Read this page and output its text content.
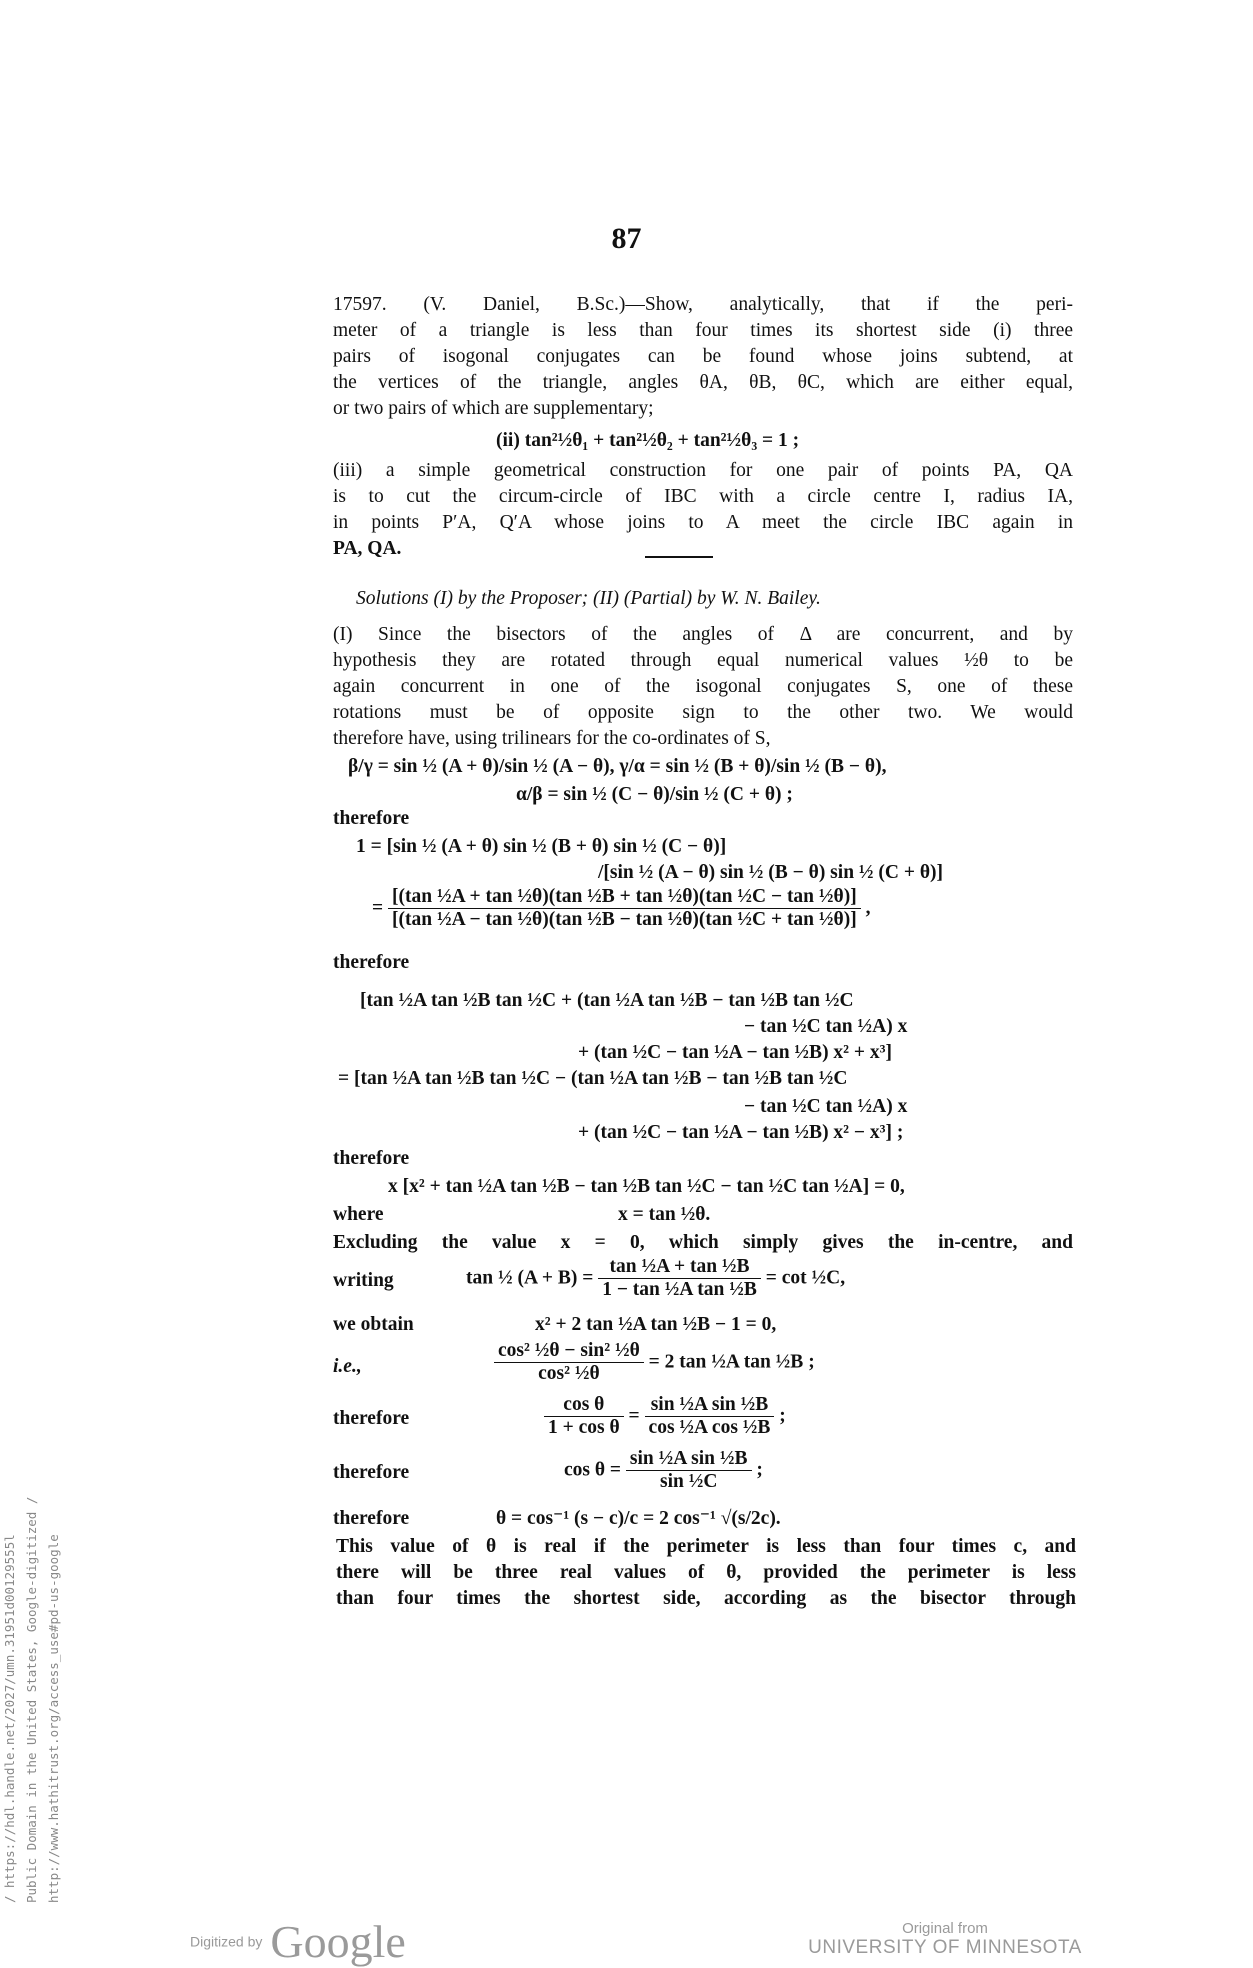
87
17597. (V. Daniel, B.Sc.)—Show, analytically, that if the peri-
meter of a triangle is less than four times its shortest side (i) three
pairs of isogonal conjugates can be found whose joins subtend, at
the vertices of the triangle, angles θA, θB, θC, which are either equal,
or two pairs of which are supplementary;
(ii) tan²½θ₁ + tan²½θ₂ + tan²½θ₃ = 1 ;
(iii) a simple geometrical construction for one pair of points PA, QA
is to cut the circum-circle of IBC with a circle centre I, radius IA,
in points P′A, Q′A whose joins to A meet the circle IBC again in
PA, QA.
Solutions (I) by the Proposer; (II) (Partial) by W. N. Bailey.
(I) Since the bisectors of the angles of Δ are concurrent, and by
hypothesis they are rotated through equal numerical values ½θ to be
again concurrent in one of the isogonal conjugates S, one of these
rotations must be of opposite sign to the other two. We would
therefore have, using trilinears for the co-ordinates of S,
β/γ = sin ½ (A + θ)/sin ½ (A − θ), γ/α = sin ½ (B + θ)/sin ½ (B − θ),
α/β = sin ½ (C − θ)/sin ½ (C + θ) ;
therefore
1 = [sin ½ (A + θ) sin ½ (B + θ) sin ½ (C − θ)]
/[sin ½ (A − θ) sin ½ (B − θ) sin ½ (C + θ)]
= $\frac{\text{[(tan ½A + tan ½θ)(tan ½B + tan ½θ)(tan ½C − tan ½θ)]}}{\text{[(tan ½A − tan ½θ)(tan ½B − tan ½θ)(tan ½C + tan ½θ)]}}$ ,
therefore
[tan ½A tan ½B tan ½C + (tan ½A tan ½B − tan ½B tan ½C
− tan ½C tan ½A) x
+ (tan ½C − tan ½A − tan ½B) x² + x³]
= [tan ½A tan ½B tan ½C − (tan ½A tan ½B − tan ½B tan ½C
− tan ½C tan ½A) x
+ (tan ½C − tan ½A − tan ½B) x² − x³] ;
therefore
x [x² + tan ½A tan ½B − tan ½B tan ½C − tan ½C tan ½A] = 0,
where	x = tan ½θ.
Excluding the value x = 0, which simply gives the in-centre, and
writing	tan ½ $(A + B) = \frac{\text{tan ½A + tan ½B}}{\text{1 − tan ½A tan ½B}} = \cot$ ½C,
we obtain	x² + 2 tan ½A tan ½B − 1 = 0,
i.e.,	$\frac{\text{cos² ½θ − sin² ½θ}}{\text{cos² ½θ}} = 2$ tan ½A tan ½B ;
therefore	$\frac{\text{cos θ}}{\text{1 + cos θ}} = \frac{\text{sin ½A sin ½B}}{\text{cos ½A cos ½B}}$ ;
therefore	$\cos \theta = \frac{\text{sin ½A sin ½B}}{\text{sin ½C}}$ ;
therefore	θ = cos⁻¹ (s − c)/c = 2 cos⁻¹ √(s/2c).
This value of θ is real if the perimeter is less than four times c, and
there will be three real values of θ, provided the perimeter is less
than four times the shortest side, according as the bisector through
/ https://hdl.handle.net/2027/umn.31951d00129555l Public Domain in the United States, Google-digitized / http://www.hathitrust.org/access_use#pd-us-google
Digitized by Google	Original from
UNIVERSITY OF MINNESOTA
